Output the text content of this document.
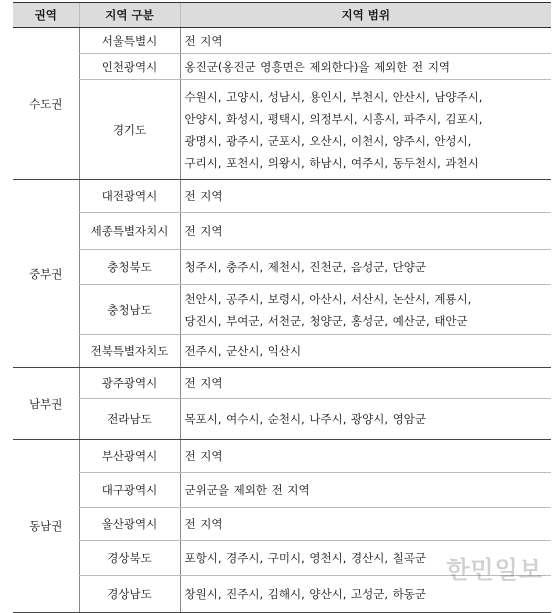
권역	지역 구분	지역 범위
수도권	서울특별시	전 지역

	인천광역시	옹진군(옹진군 영흥면은 제외한다)을 제외한 전 지역

	경기도	수원시, 고양시, 성남시, 용인시, 부천시, 안산시, 남양주시,
안양시, 화성시, 평택시, 의정부시, 시흥시, 파주시, 김포시,
광명시, 광주시, 군포시, 오산시, 이천시, 양주시, 안성시,
구리시, 포천시, 의왕시, 하남시, 여주시, 동두천시, 과천시

중부권	대전광역시	전 지역

	세종특별자치시	전 지역

	충청북도	청주시, 충주시, 제천시, 진천군, 음성군, 단양군

	충청남도	천안시, 공주시, 보령시, 아산시, 서산시, 논산시, 계룡시,
당진시, 부여군, 서천군, 청양군, 홍성군, 예산군, 태안군

	전북특별자치도	전주시, 군산시, 익산시

남부권	광주광역시	전 지역

	전라남도	목포시, 여수시, 순천시, 나주시, 광양시, 영암군

동남권	부산광역시	전 지역

	대구광역시	군위군을 제외한 전 지역

	울산광역시	전 지역

	경상북도	포항시, 경주시, 구미시, 영천시, 경산시, 칠곡군

	경상남도	창원시, 진주시, 김해시, 양산시, 고성군, 하동군
한민일보
